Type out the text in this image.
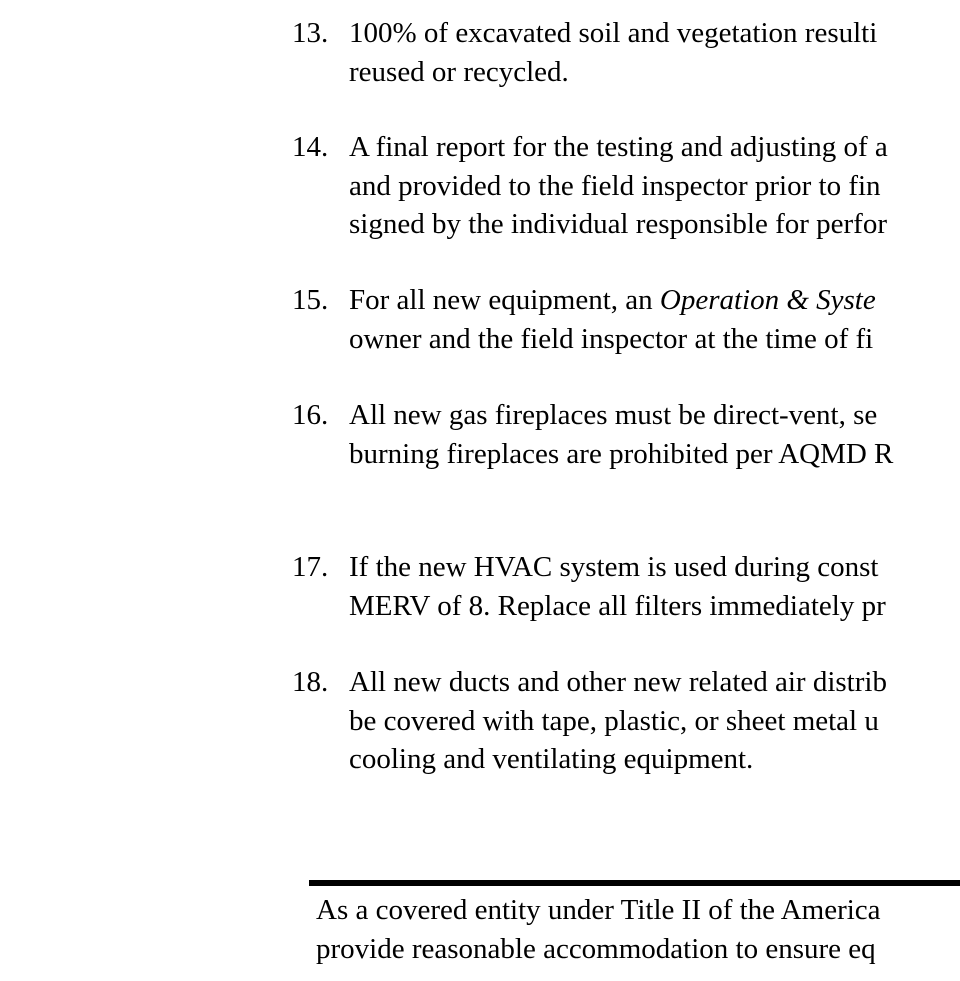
13. 100% of excavated soil and vegetation resulti
reused or recycled.
14. A final report for the testing and adjusting of a
and provided to the field inspector prior to fin
signed by the individual responsible for perfor
15. For all new equipment, an Operation & Syste
owner and the field inspector at the time of fi
16. All new gas fireplaces must be direct-vent, se
burning fireplaces are prohibited per AQMD R
17. If the new HVAC system is used during const
MERV of 8. Replace all filters immediately pr
18. All new ducts and other new related air distrib
be covered with tape, plastic, or sheet metal u
cooling and ventilating equipment.
As a covered entity under Title II of the America
provide reasonable accommodation to ensure eq
